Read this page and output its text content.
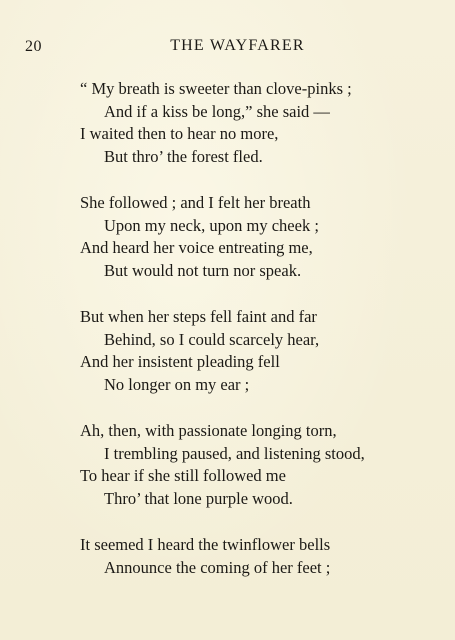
20	THE WAYFARER
“ My breath is sweeter than clove-pinks ;
And if a kiss be long,” she said —
I waited then to hear no more,
But thro’ the forest fled.
She followed ; and I felt her breath
Upon my neck, upon my cheek ;
And heard her voice entreating me,
But would not turn nor speak.
But when her steps fell faint and far
Behind, so I could scarcely hear,
And her insistent pleading fell
No longer on my ear ;
Ah, then, with passionate longing torn,
I trembling paused, and listening stood,
To hear if she still followed me
Thro’ that lone purple wood.
It seemed I heard the twinflower bells
Announce the coming of her feet ;
